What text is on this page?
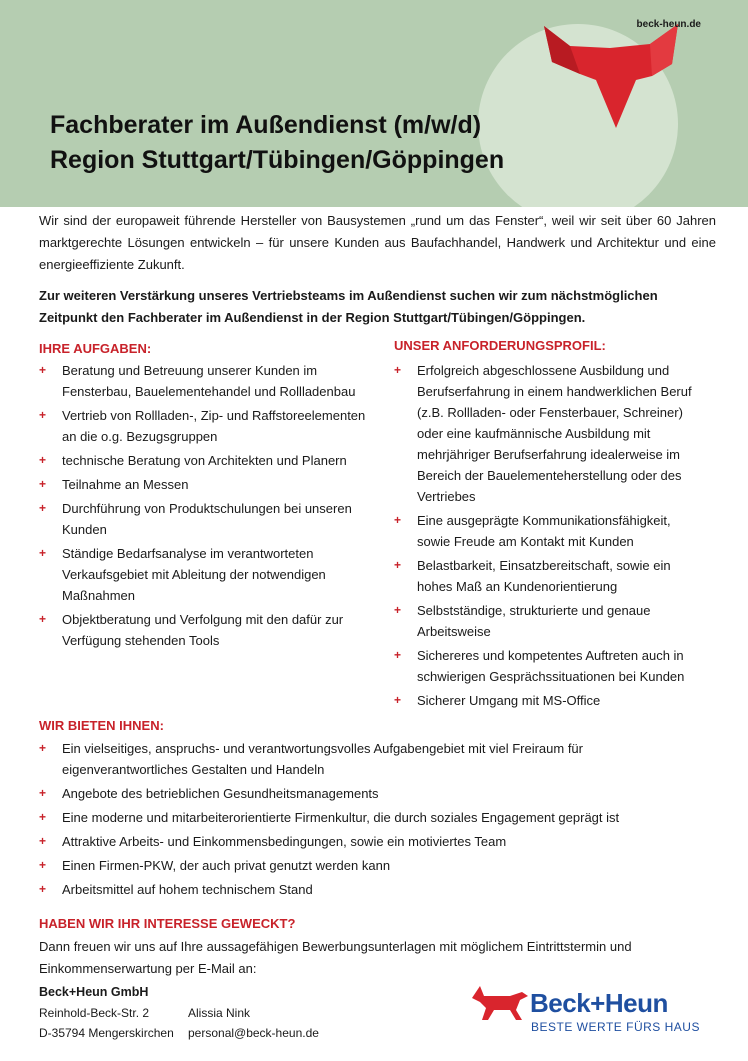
beck-heun.de
Fachberater im Außendienst (m/w/d)
Region Stuttgart/Tübingen/Göppingen
Wir sind der europaweit führende Hersteller von Bausystemen „rund um das Fenster“, weil wir seit über 60 Jahren marktgerechte Lösungen entwickeln – für unsere Kunden aus Baufachhandel, Handwerk und Architektur und eine energieeffiziente Zukunft.
Zur weiteren Verstärkung unseres Vertriebsteams im Außendienst suchen wir zum nächstmöglichen Zeitpunkt den Fachberater im Außendienst in der Region Stuttgart/Tübingen/Göppingen.
IHRE AUFGABEN:
+ Beratung und Betreuung unserer Kunden im Fensterbau, Bauelementehandel und Rollladenbau
+ Vertrieb von Rollladen-, Zip- und Raffstoreelementen an die o.g. Bezugsgruppen
+ technische Beratung von Architekten und Planern
+ Teilnahme an Messen
+ Durchführung von Produktschulungen bei unseren Kunden
+ Ständige Bedarfsanalyse im verantworteten Verkaufsgebiet mit Ableitung der notwendigen Maßnahmen
+ Objektberatung und Verfolgung mit den dafür zur Verfügung stehenden Tools
UNSER ANFORDERUNGSPROFIL:
+ Erfolgreich abgeschlossene Ausbildung und Berufserfahrung in einem handwerklichen Beruf (z.B. Rollladen- oder Fensterbauer, Schreiner) oder eine kaufmännische Ausbildung mit mehrjähriger Berufserfahrung idealerweise im Bereich der Bauelementeherstellung oder des Vertriebes
+ Eine ausgeprägte Kommunikationsfähigkeit, sowie Freude am Kontakt mit Kunden
+ Belastbarkeit, Einsatzbereitschaft, sowie ein hohes Maß an Kundenorientierung
+ Selbstständige, strukturierte und genaue Arbeitsweise
+ Sichereres und kompetentes Auftreten auch in schwierigen Gesprächssituationen bei Kunden
+ Sicherer Umgang mit MS-Office
WIR BIETEN IHNEN:
+ Ein vielseitiges, anspruchs- und verantwortungsvolles Aufgabengebiet mit viel Freiraum für eigenverantwortliches Gestalten und Handeln
+ Angebote des betrieblichen Gesundheitsmanagements
+ Eine moderne und mitarbeiterorientierte Firmenkultur, die durch soziales Engagement geprägt ist
+ Attraktive Arbeits- und Einkommensbedingungen, sowie ein motiviertes Team
+ Einen Firmen-PKW, der auch privat genutzt werden kann
+ Arbeitsmittel auf hohem technischem Stand
HABEN WIR IHR INTERESSE GEWECKT?
Dann freuen wir uns auf Ihre aussagefähigen Bewerbungsunterlagen mit möglichem Eintrittstermin und Einkommenserwartung per E-Mail an:
Beck+Heun GmbH
Reinhold-Beck-Str. 2
D-35794 Mengerskirchen
Alissia Nink
personal@beck-heun.de
Beck+Heun
BESTE WERTE FÜRS HAUS
